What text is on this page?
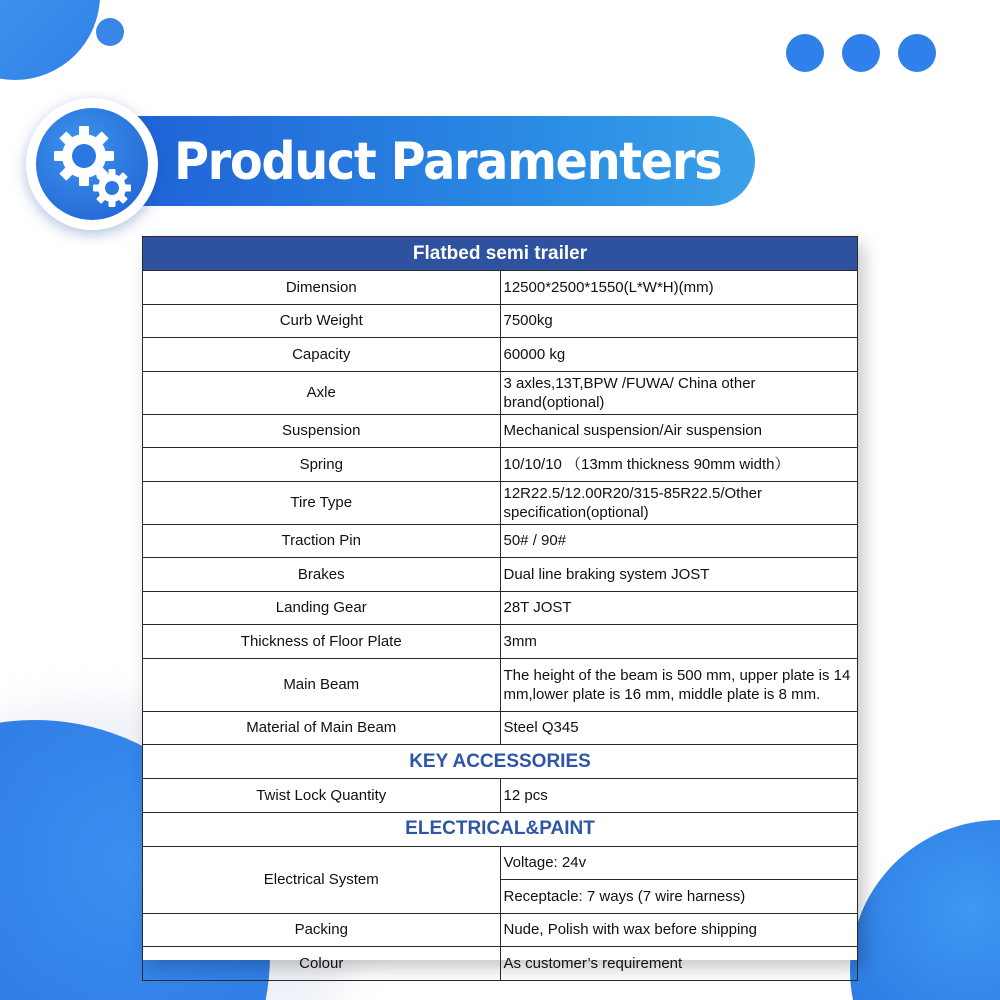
Product Paramenters
Flatbed semi trailer	
Dimension	12500*2500*1550(L*W*H)(mm)
Curb Weight	7500kg
Capacity	60000 kg
Axle	3 axles,13T,BPW /FUWA/ China other brand(optional)
Suspension	Mechanical suspension/Air suspension
Spring	10/10/10 （13mm thickness 90mm width）
Tire Type	12R22.5/12.00R20/315-85R22.5/Other specification(optional)
Traction Pin	50# / 90#
Brakes	Dual line braking system JOST
Landing Gear	28T JOST
Thickness of Floor Plate	3mm
Main Beam	The height of the beam is 500 mm, upper plate is 14 mm,lower plate is 16 mm, middle plate is 8 mm.
Material of Main Beam	Steel Q345
KEY ACCESSORIES	
Twist Lock Quantity	12 pcs
ELECTRICAL&PAINT	
Electrical System	Voltage: 24v
	Receptacle: 7 ways (7 wire harness)
Packing	Nude, Polish with wax before shipping
Colour	As customer’s requirement
